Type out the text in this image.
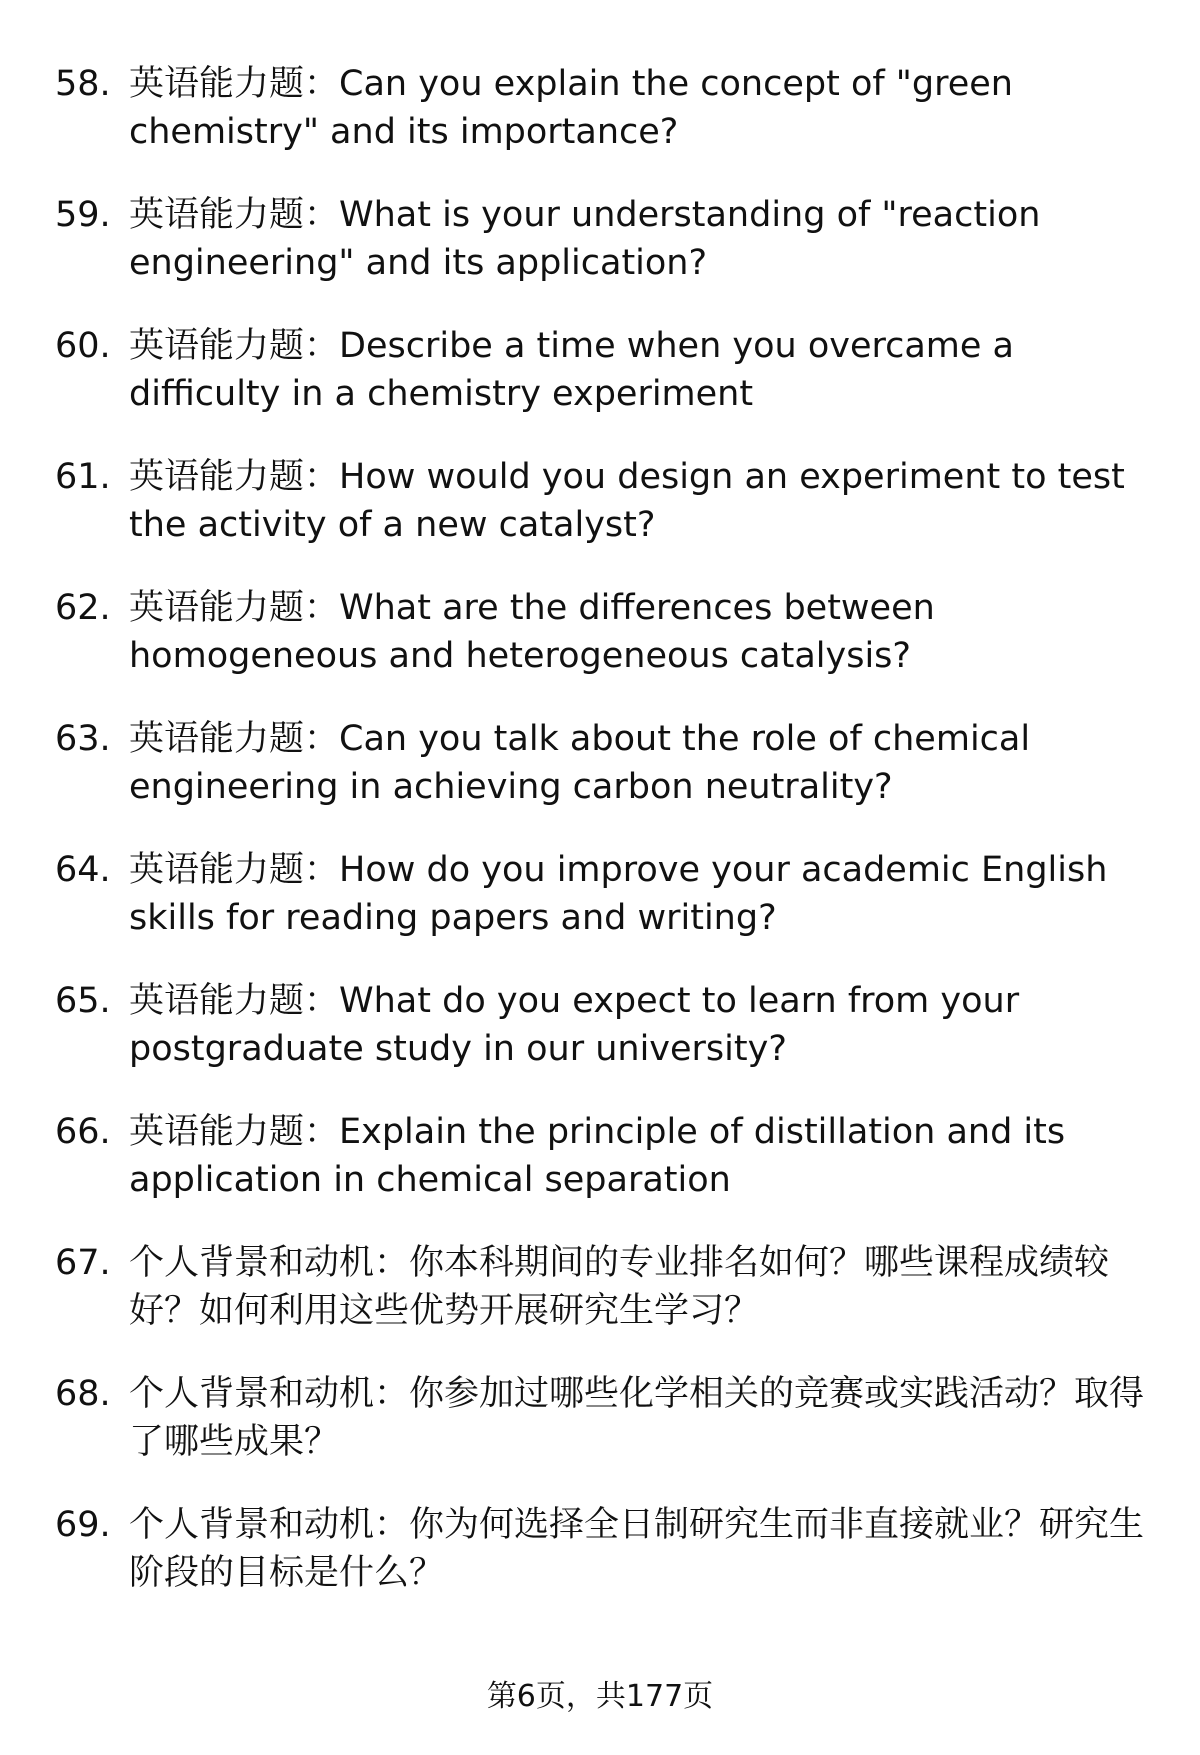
58. 英语能力题：Can you explain the concept of "green chemistry" and its importance?
59. 英语能力题：What is your understanding of "reaction engineering" and its application?
60. 英语能力题：Describe a time when you overcame a difficulty in a chemistry experiment
61. 英语能力题：How would you design an experiment to test the activity of a new catalyst?
62. 英语能力题：What are the differences between homogeneous and heterogeneous catalysis?
63. 英语能力题：Can you talk about the role of chemical engineering in achieving carbon neutrality?
64. 英语能力题：How do you improve your academic English skills for reading papers and writing?
65. 英语能力题：What do you expect to learn from your postgraduate study in our university?
66. 英语能力题：Explain the principle of distillation and its application in chemical separation
67. 个人背景和动机：你本科期间的专业排名如何？哪些课程成绩较好？如何利用这些优势开展研究生学习？
68. 个人背景和动机：你参加过哪些化学相关的竞赛或实践活动？取得了哪些成果？
69. 个人背景和动机：你为何选择全日制研究生而非直接就业？研究生阶段的目标是什么？
第6页，共177页
